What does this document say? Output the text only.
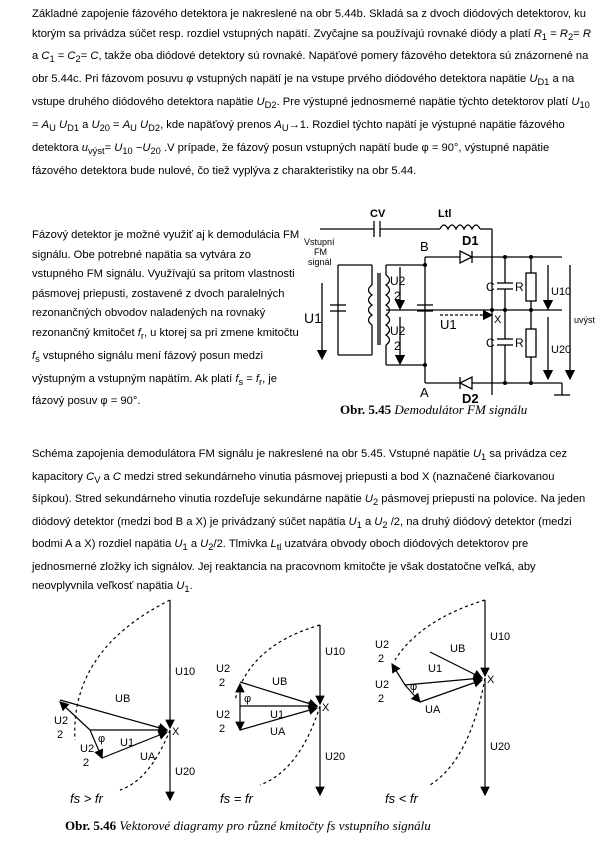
Základné zapojenie fázového detektora je nakreslené na obr 5.44b. Skladá sa z dvoch diódových detektorov, ku ktorým sa privádza súčet resp. rozdiel vstupných napätí. Zvyčajne sa používajú rovnaké diódy a platí $R_1 = R_2= R$ a $C_1 = C_2= C$, takže oba diódové detektory sú rovnaké. Napäťové pomery fázového detektora sú znázornené na obr 5.44c. Pri fázovom posuvu φ vstupných napätí je na vstupe prvého diódového detektora napätie $U_{D1}$ a na vstupe druhého diódového detektora napätie $U_{D2}$. Pre výstupné jednosmerné napätie týchto detektorov platí $U_{10} = A_U$ $U_{D1}$ a $U_{20} = A_U$ $U_{D2}$, kde napäťový prenos $A_U\to 1$. Rozdiel týchto napätí je výstupné napätie fázového detektora $u_{výst}= U_{10} -U_{20}$ .V prípade, že fázový posun vstupných napätí bude φ = 90°, výstupné napätie fázového detektora bude nulové, čo tiež vyplýva z charakteristiky na obr 5.44.

Fázový detektor je možné využiť aj k demodulácia FM signálu. Obe potrebné napätia sa vytvára zo vstupného FM signálu. Využívajú sa pritom vlastnosti pásmovej priepusti, zostavené z dvoch paralelných rezonančných obvodov naladených na rovnaký rezonančný kmitočet $f_r$, u ktorej sa pri zmene kmitočtu $f_s$ vstupného signálu mení fázový posun medzi výstupným a vstupným napätím. Ak platí $f_s = f_r$, je fázový posuv φ = 90°.

Schéma zapojenia demodulátora FM signálu je nakreslené na obr 5.45. Vstupné napätie $U_1$ sa privádza cez kapacitory $C_V$ a C medzi stred sekundárneho vinutia pásmovej priepusti a bod X (naznačené čiarkovanou šípkou). Stred sekundárneho vinutia rozdeľuje sekundárne napätie $U_2$ pásmovej priepusti na polovice. Na jeden diódový detektor (medzi bod B a X) je privádzaný súčet napätia $U_1$ a $U_2$ /2, na druhý diódový detektor (medzi bodmi A a X) rozdiel napätia $U_1$ a $U_2/2$. Tlmivka $L_{tl}$ uzatvára obvody oboch diódových detektorov pre jednosmerné zložky ich signálov. Jej reaktancia na pracovnom kmitočte je však dostatočne veľká, aby neovplyvnila veľkosť napätia $U_1$.

CV	Ltl
Vstupní
FM
signál
U1
U2
2
U2
2
B
A
D1
D2
X
U1
C R
C R
U10
U20
uvýst
Obr. 5.45 Demodulátor FM signálu
U10
U20
UB
UA
U1
U2
2
U2
2
φ
X
fs > fr
U10
U20
UB
UA
U1
U2
2
U2
2
φ
X
fs = fr
U10
U20
UB
UA
U1
U2
2
U2
2
φ
X
fs < fr
Obr. 5.46 Vektorové diagramy pro různé kmitočty fs vstupního signálu
